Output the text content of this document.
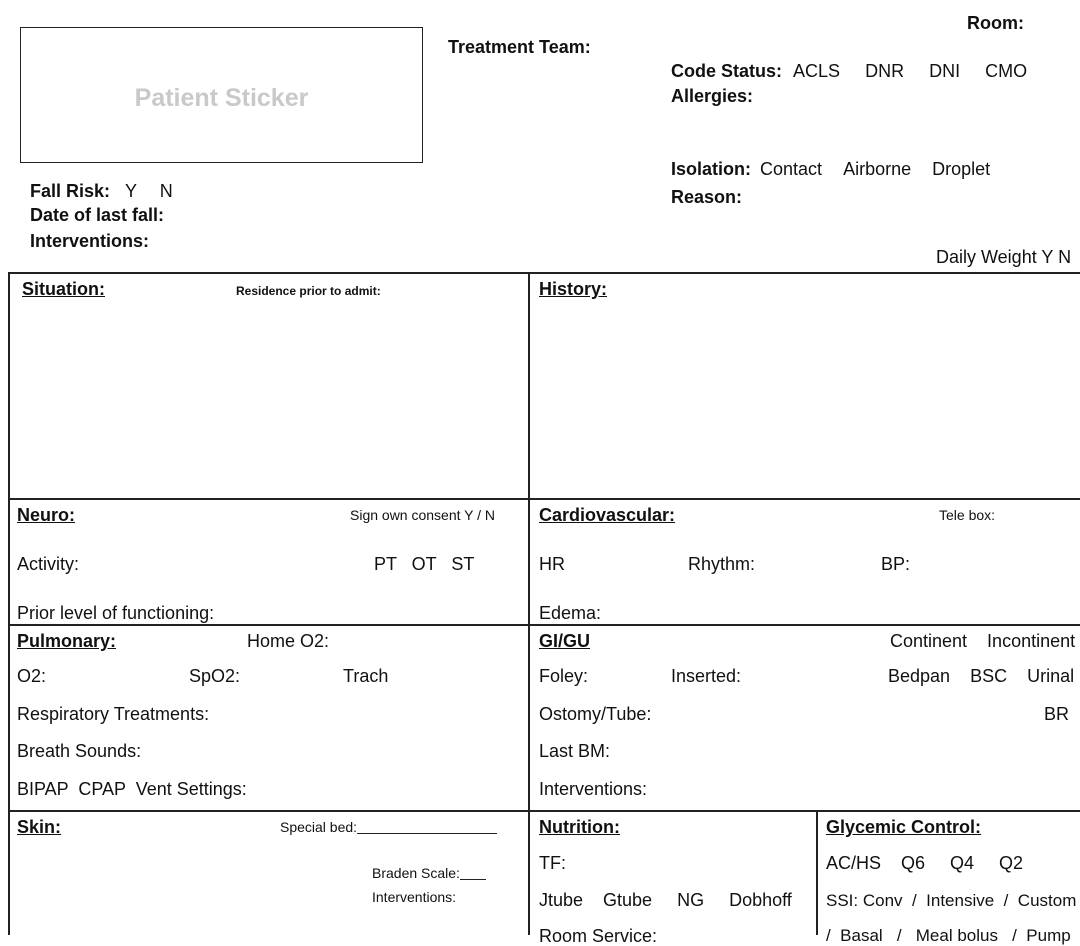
Patient Sticker
Treatment Team:
Room:
Code Status: ACLS DNR DNI CMO
Allergies:
Isolation: Contact Airborne Droplet
Reason:
Fall Risk: Y N
Date of last fall:
Interventions:
Daily Weight Y N
Situation:	Residence prior to admit:	History:
Neuro:	Sign own consent Y / N
Activity:	PT   OT   ST
Prior level of functioning:
Cardiovascular:	Tele box:
HR	Rhythm:	BP:
Edema:
Pulmonary:	Home O2:
O2:	SpO2:	Trach
Respiratory Treatments:
Breath Sounds:
BIPAP  CPAP  Vent Settings:
GI/GU	Continent    Incontinent
Foley:	Inserted:	Bedpan    BSC    Urinal
Ostomy/Tube:	BR
Last BM:
Interventions:
Skin:	Special bed:
Braden Scale:
Interventions:
Nutrition:
TF:
Jtube    Gtube     NG     Dobhoff
Room Service:
Glycemic Control:
AC/HS    Q6     Q4     Q2
SSI: Conv  /  Intensive  /  Custom
/  Basal   /   Meal bolus   /  Pump
